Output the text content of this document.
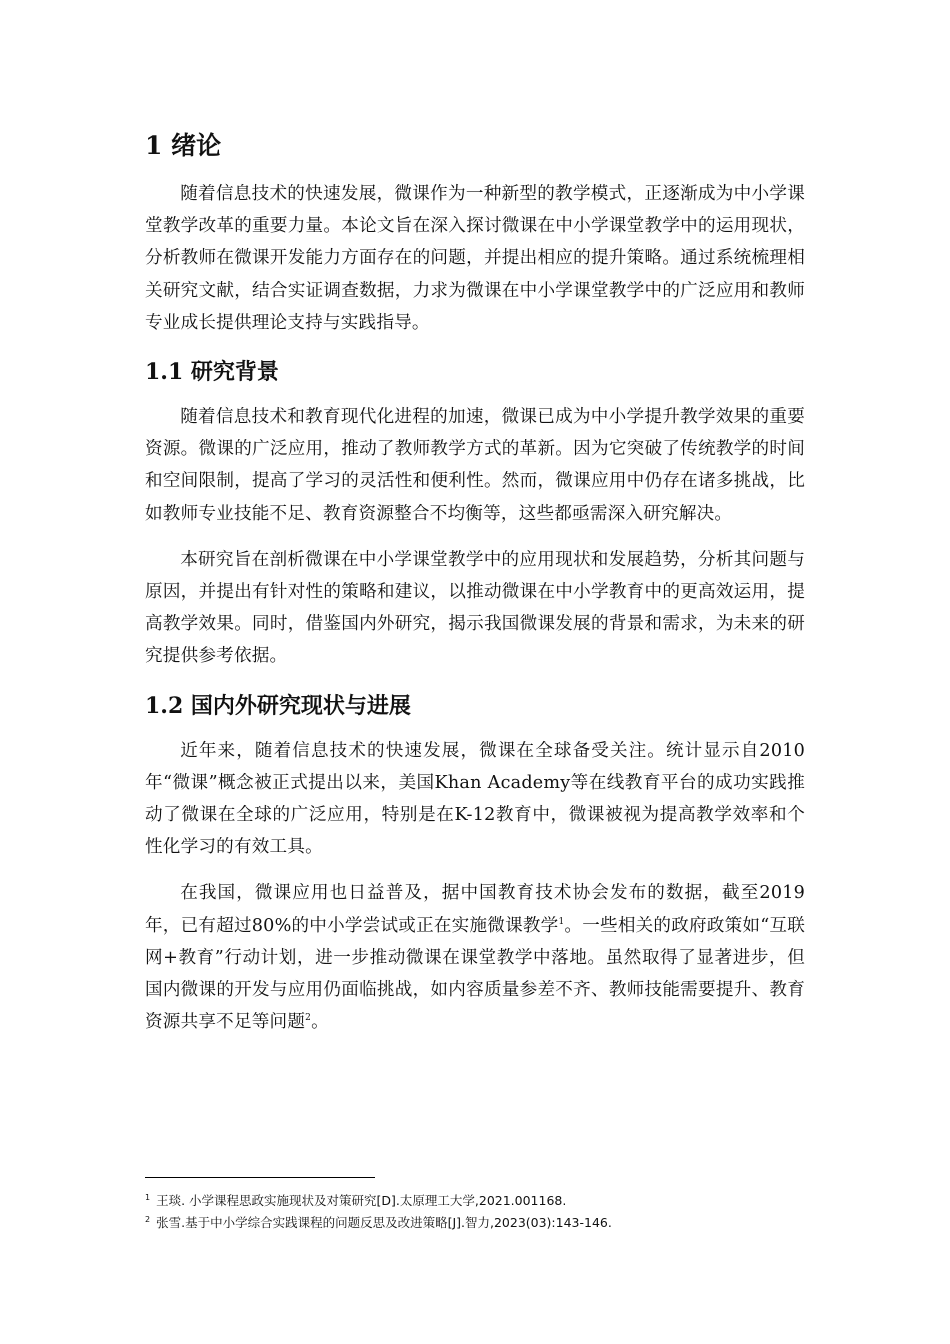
1 绪论

随着信息技术的快速发展，微课作为一种新型的教学模式，正逐渐成为中小学课堂教学改革的重要力量。本论文旨在深入探讨微课在中小学课堂教学中的运用现状，分析教师在微课开发能力方面存在的问题，并提出相应的提升策略。通过系统梳理相关研究文献，结合实证调查数据，力求为微课在中小学课堂教学中的广泛应用和教师专业成长提供理论支持与实践指导。

1.1 研究背景

随着信息技术和教育现代化进程的加速，微课已成为中小学提升教学效果的重要资源。微课的广泛应用，推动了教师教学方式的革新。因为它突破了传统教学的时间和空间限制，提高了学习的灵活性和便利性。然而，微课应用中仍存在诸多挑战，比如教师专业技能不足、教育资源整合不均衡等，这些都亟需深入研究解决。

本研究旨在剖析微课在中小学课堂教学中的应用现状和发展趋势，分析其问题与原因，并提出有针对性的策略和建议，以推动微课在中小学教育中的更高效运用，提高教学效果。同时，借鉴国内外研究，揭示我国微课发展的背景和需求，为未来的研究提供参考依据。

1.2 国内外研究现状与进展

近年来，随着信息技术的快速发展，微课在全球备受关注。统计显示自2010年“微课”概念被正式提出以来，美国Khan Academy等在线教育平台的成功实践推动了微课在全球的广泛应用，特别是在K-12教育中，微课被视为提高教学效率和个性化学习的有效工具。

在我国，微课应用也日益普及，据中国教育技术协会发布的数据，截至2019年，已有超过80%的中小学尝试或正在实施微课教学$^1$。一些相关的政府政策如“互联网+教育”行动计划，进一步推动微课在课堂教学中落地。虽然取得了显著进步，但国内微课的开发与应用仍面临挑战，如内容质量参差不齐、教师技能需要提升、教育资源共享不足等问题$^2$。

$^1$ 王琰. 小学课程思政实施现状及对策研究[D].太原理工大学,2021.001168.

$^2$ 张雪.基于中小学综合实践课程的问题反思及改进策略[J].智力,2023(03):143-146.
